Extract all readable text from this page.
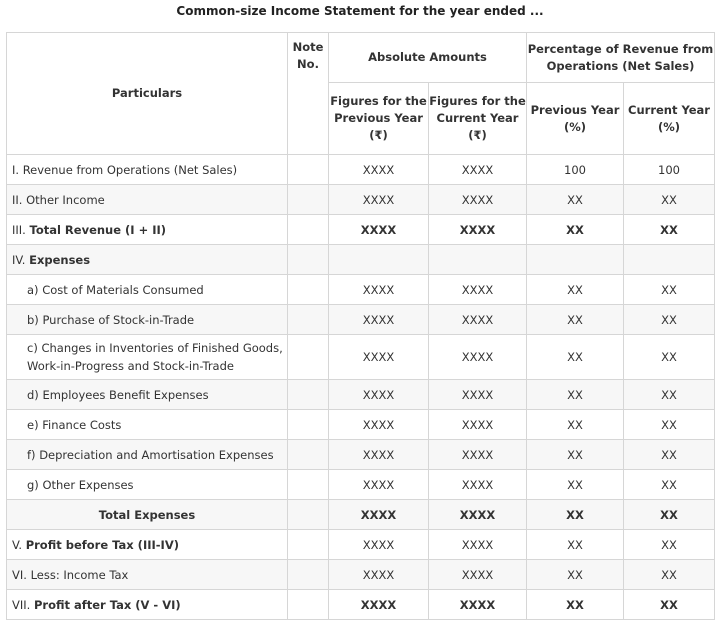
Common-size Income Statement for the year ended ...
Particulars	Note No.	Absolute Amounts		Percentage of Revenue from Operations (Net Sales)	
		Figures for the Previous Year (₹)	Figures for the Current Year (₹)	Previous Year (%)	Current Year (%)
I. Revenue from Operations (Net Sales)		XXXX	XXXX	100	100
II. Other Income		XXXX	XXXX	XX	XX
III. Total Revenue (I + II)		XXXX	XXXX	XX	XX
IV. Expenses					
a) Cost of Materials Consumed		XXXX	XXXX	XX	XX
b) Purchase of Stock-in-Trade		XXXX	XXXX	XX	XX
c) Changes in Inventories of Finished Goods, Work-in-Progress and Stock-in-Trade		XXXX	XXXX	XX	XX
d) Employees Benefit Expenses		XXXX	XXXX	XX	XX
e) Finance Costs		XXXX	XXXX	XX	XX
f) Depreciation and Amortisation Expenses		XXXX	XXXX	XX	XX
g) Other Expenses		XXXX	XXXX	XX	XX
Total Expenses		XXXX	XXXX	XX	XX
V. Profit before Tax (III-IV)		XXXX	XXXX	XX	XX
VI. Less: Income Tax		XXXX	XXXX	XX	XX
VII. Profit after Tax (V - VI)		XXXX	XXXX	XX	XX
